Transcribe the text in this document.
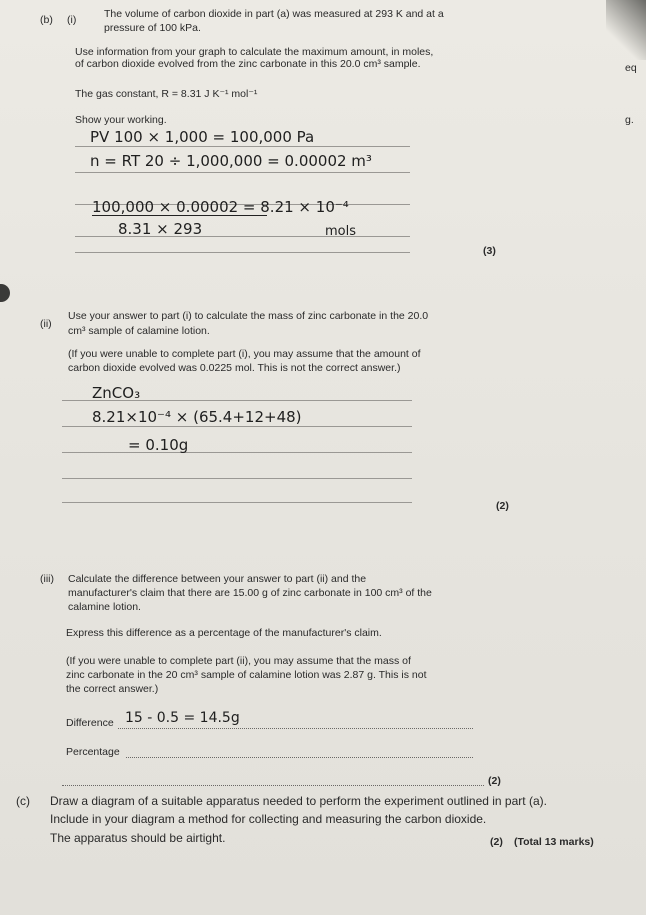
(b) (i)	The volume of carbon dioxide in part (a) was measured at 293 K and at a
pressure of 100 kPa.
Use information from your graph to calculate the maximum amount, in moles,
of carbon dioxide evolved from the zinc carbonate in this 20.0 cm³ sample.	eq
The gas constant, R = 8.31 J K⁻¹ mol⁻¹
Show your working.	g.
PV 100 × 1,000 = 100,000 Pa
n = RT 20 ÷ 1,000,000 = 0.00002 m³
100,000 × 0.00002 = 8.21 × 10⁻⁴
8.31 × 293	mols
(3)
(ii)
Use your answer to part (i) to calculate the mass of zinc carbonate in the 20.0
cm³ sample of calamine lotion.
(If you were unable to complete part (i), you may assume that the amount of
carbon dioxide evolved was 0.0225 mol. This is not the correct answer.)
ZnCO₃
8.21×10⁻⁴ × (65.4+12+48)
= 0.10g
(2)
(iii) Calculate the difference between your answer to part (ii) and the
manufacturer's claim that there are 15.00 g of zinc carbonate in 100 cm³ of the
calamine lotion.
Express this difference as a percentage of the manufacturer's claim.
(If you were unable to complete part (ii), you may assume that the mass of
zinc carbonate in the 20 cm³ sample of calamine lotion was 2.87 g. This is not
the correct answer.)
Difference 15 - 0.5 = 14.5g
Percentage
(2)
(c) Draw a diagram of a suitable apparatus needed to perform the experiment outlined in part (a).
Include in your diagram a method for collecting and measuring the carbon dioxide.
The apparatus should be airtight.	(2) (Total 13 marks)
